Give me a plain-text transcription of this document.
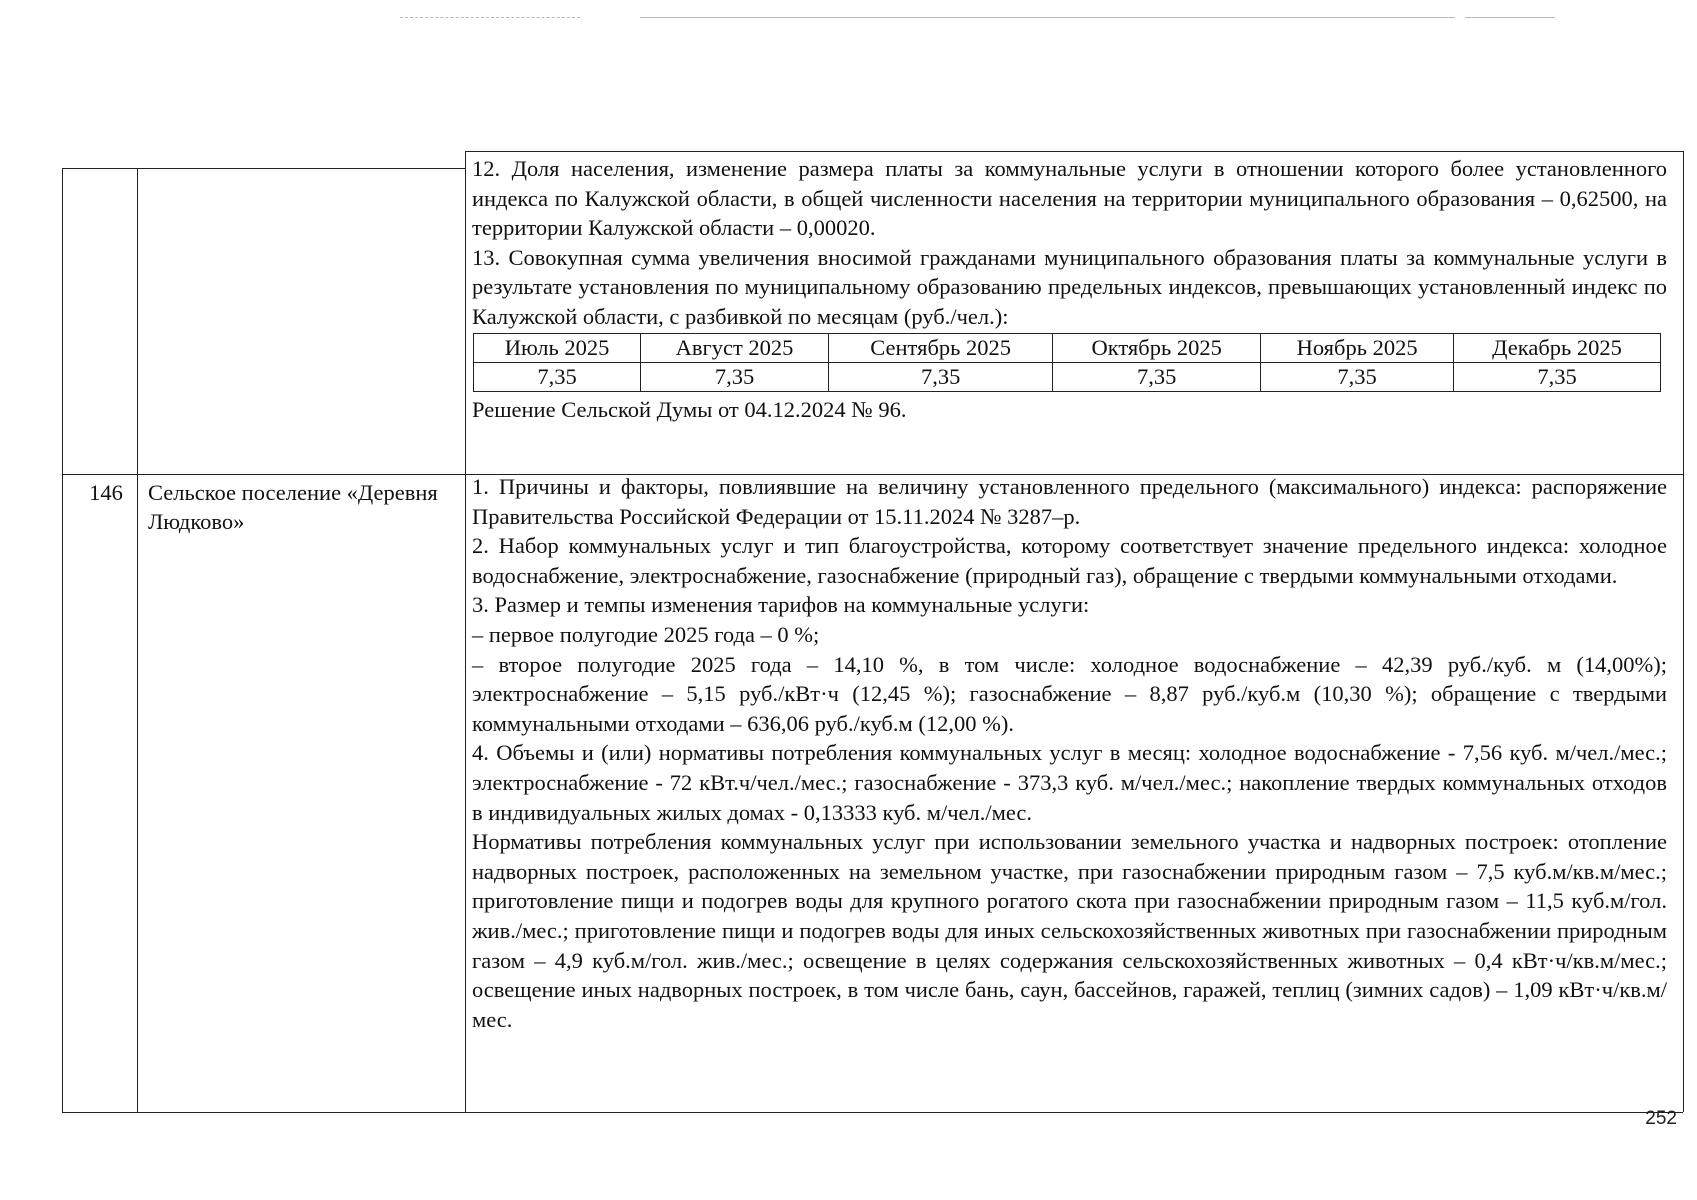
12. Доля населения, изменение размера платы за коммунальные услуги в отношении которого более установленного индекса по Калужской области, в общей численности населения на территории муниципального образования – 0,62500, на территории Калужской области – 0,00020.

13. Совокупная сумма увеличения вносимой гражданами муниципального образования платы за коммунальные услуги в результате установления по муниципальному образованию предельных индексов, превышающих установленный индекс по Калужской области, с разбивкой по месяцам (руб./чел.):

Июль 2025	Август 2025	Сентябрь 2025	Октябрь 2025	Ноябрь 2025	Декабрь 2025
7,35	7,35	7,35	7,35	7,35	7,35

Решение Сельской Думы от 04.12.2024 № 96.

146	Сельское поселение «Деревня Людково»

1. Причины и факторы, повлиявшие на величину установленного предельного (максимального) индекса: распоряжение Правительства Российской Федерации от 15.11.2024 № 3287–р.

2. Набор коммунальных услуг и тип благоустройства, которому соответствует значение предельного индекса: холодное водоснабжение, электроснабжение, газоснабжение (природный газ), обращение с твердыми коммунальными отходами.

3. Размер и темпы изменения тарифов на коммунальные услуги:

– первое полугодие 2025 года – 0 %;

– второе полугодие 2025 года – 14,10 %, в том числе: холодное водоснабжение – 42,39 руб./куб. м (14,00%); электроснабжение – 5,15 руб./кВт·ч (12,45 %); газоснабжение – 8,87 руб./куб.м (10,30 %); обращение с твердыми коммунальными отходами – 636,06 руб./куб.м (12,00 %).

4. Объемы и (или) нормативы потребления коммунальных услуг в месяц: холодное водоснабжение - 7,56 куб. м/чел./мес.; электроснабжение - 72 кВт.ч/чел./мес.; газоснабжение - 373,3 куб. м/чел./мес.; накопление твердых коммунальных отходов в индивидуальных жилых домах - 0,13333 куб. м/чел./мес.

Нормативы потребления коммунальных услуг при использовании земельного участка и надворных построек: отопление надворных построек, расположенных на земельном участке, при газоснабжении природным газом – 7,5 куб.м/кв.м/мес.; приготовление пищи и подогрев воды для крупного рогатого скота при газоснабжении природным газом – 11,5 куб.м/гол. жив./мес.; приготовление пищи и подогрев воды для иных сельскохозяйственных животных при газоснабжении природным газом – 4,9 куб.м/гол. жив./мес.; освещение в целях содержания сельскохозяйственных животных – 0,4 кВт·ч/кв.м/мес.; освещение иных надворных построек, в том числе бань, саун, бассейнов, гаражей, теплиц (зимних садов) – 1,09 кВт·ч/кв.м/мес.

252
